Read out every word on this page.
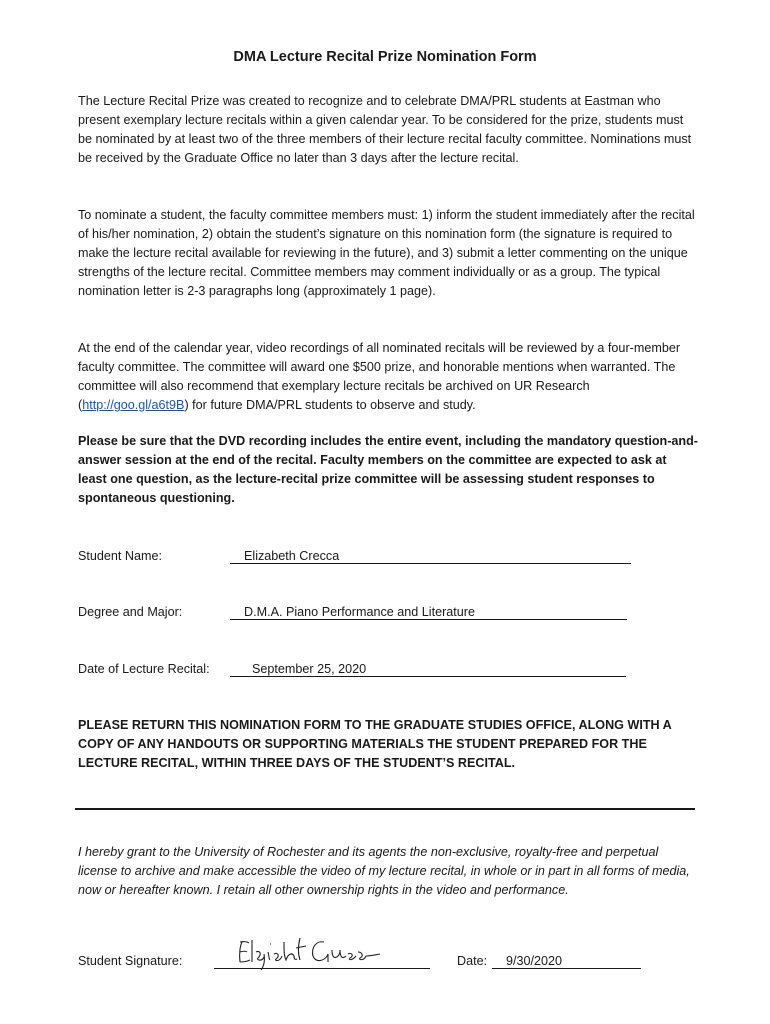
DMA Lecture Recital Prize Nomination Form

The Lecture Recital Prize was created to recognize and to celebrate DMA/PRL students at Eastman who present exemplary lecture recitals within a given calendar year. To be considered for the prize, students must be nominated by at least two of the three members of their lecture recital faculty committee. Nominations must be received by the Graduate Office no later than 3 days after the lecture recital.

To nominate a student, the faculty committee members must: 1) inform the student immediately after the recital of his/her nomination, 2) obtain the student’s signature on this nomination form (the signature is required to make the lecture recital available for reviewing in the future), and 3) submit a letter commenting on the unique strengths of the lecture recital. Committee members may comment individually or as a group. The typical nomination letter is 2-3 paragraphs long (approximately 1 page).

At the end of the calendar year, video recordings of all nominated recitals will be reviewed by a four-member faculty committee. The committee will award one $500 prize, and honorable mentions when warranted. The committee will also recommend that exemplary lecture recitals be archived on UR Research (http://goo.gl/a6t9B) for future DMA/PRL students to observe and study.

Please be sure that the DVD recording includes the entire event, including the mandatory question-and-answer session at the end of the recital. Faculty members on the committee are expected to ask at least one question, as the lecture-recital prize committee will be assessing student responses to spontaneous questioning.

Student Name:	Elizabeth Crecca
Degree and Major:	D.M.A. Piano Performance and Literature
Date of Lecture Recital:	September 25, 2020

PLEASE RETURN THIS NOMINATION FORM TO THE GRADUATE STUDIES OFFICE, ALONG WITH A COPY OF ANY HANDOUTS OR SUPPORTING MATERIALS THE STUDENT PREPARED FOR THE LECTURE RECITAL, WITHIN THREE DAYS OF THE STUDENT’S RECITAL.

I hereby grant to the University of Rochester and its agents the non-exclusive, royalty-free and perpetual license to archive and make accessible the video of my lecture recital, in whole or in part in all forms of media, now or hereafter known. I retain all other ownership rights in the video and performance.

Student Signature:	Date:	9/30/2020
